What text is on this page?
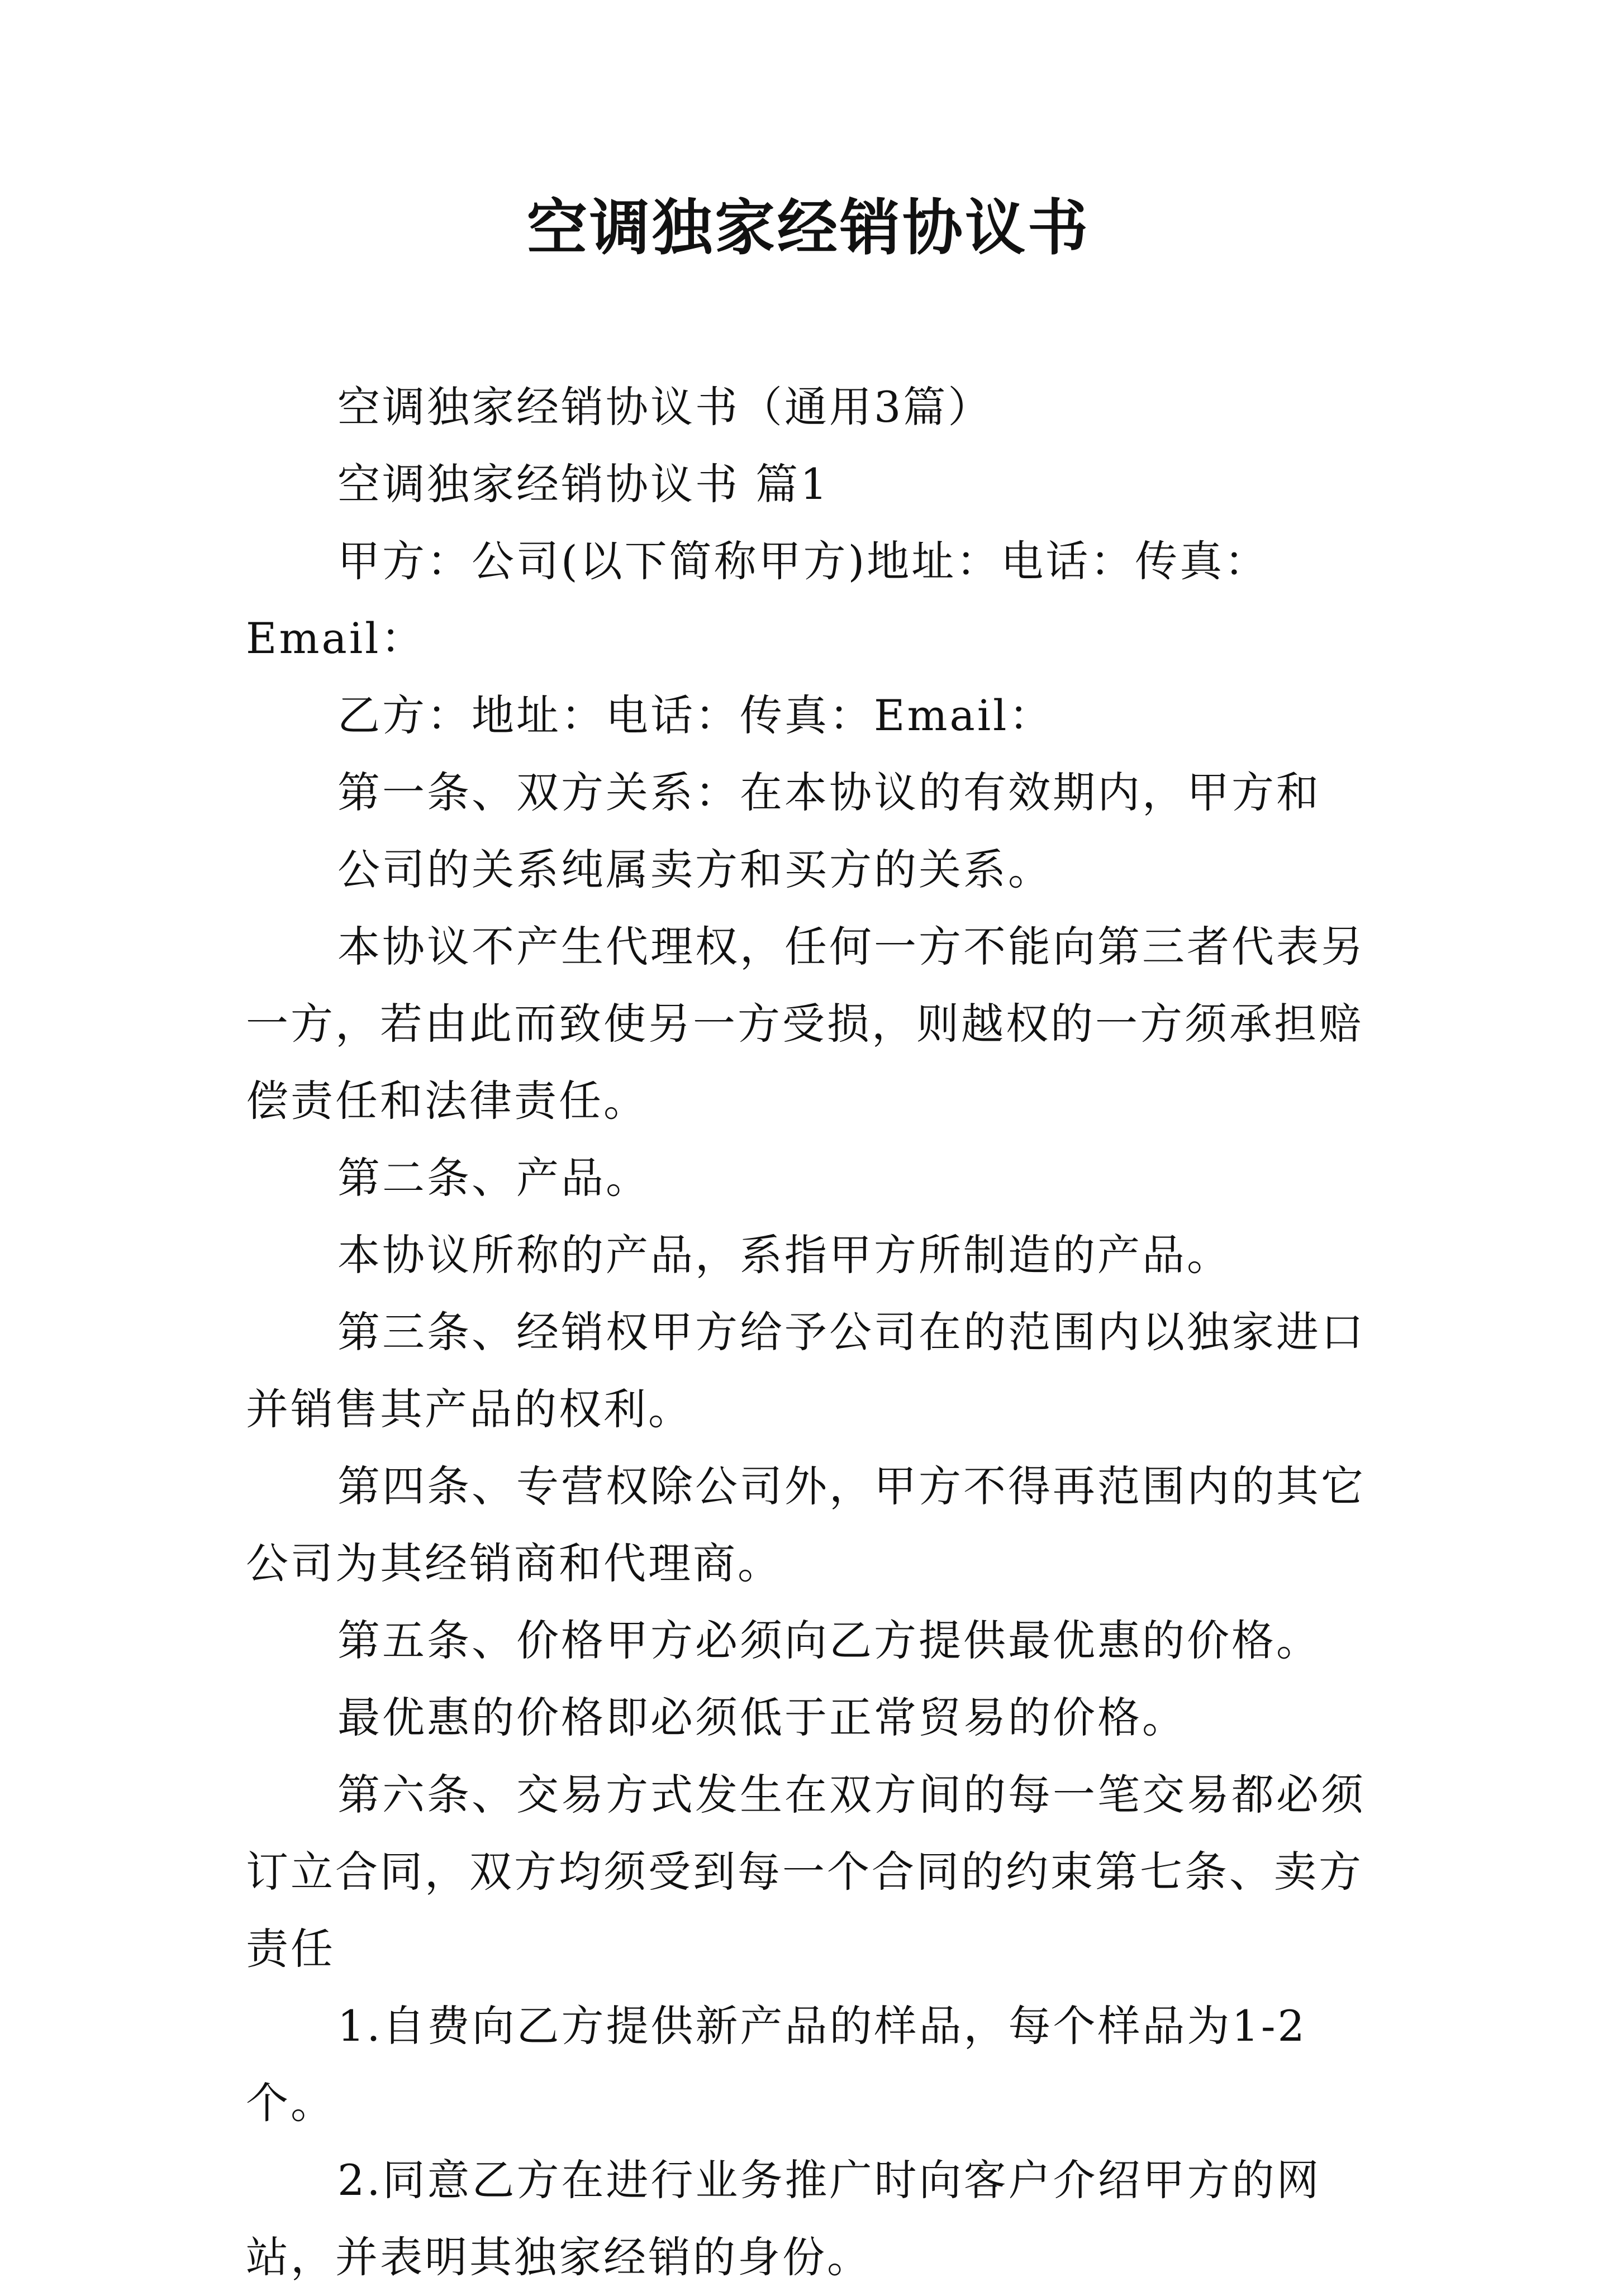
空调独家经销协议书

空调独家经销协议书（通用3篇）

空调独家经销协议书 篇1

甲方：公司(以下简称甲方)地址：电话：传真：Email：

乙方：地址：电话：传真：Email：

第一条、双方关系：在本协议的有效期内，甲方和

公司的关系纯属卖方和买方的关系。

本协议不产生代理权，任何一方不能向第三者代表另一方，若由此而致使另一方受损，则越权的一方须承担赔偿责任和法律责任。

第二条、产品。

本协议所称的产品，系指甲方所制造的产品。

第三条、经销权甲方给予公司在的范围内以独家进口并销售其产品的权利。

第四条、专营权除公司外，甲方不得再范围内的其它公司为其经销商和代理商。

第五条、价格甲方必须向乙方提供最优惠的价格。

最优惠的价格即必须低于正常贸易的价格。

第六条、交易方式发生在双方间的每一笔交易都必须订立合同，双方均须受到每一个合同的约束第七条、卖方责任

1.自费向乙方提供新产品的样品，每个样品为1-2个。

2.同意乙方在进行业务推广时向客户介绍甲方的网站，并表明其独家经销的身份。
